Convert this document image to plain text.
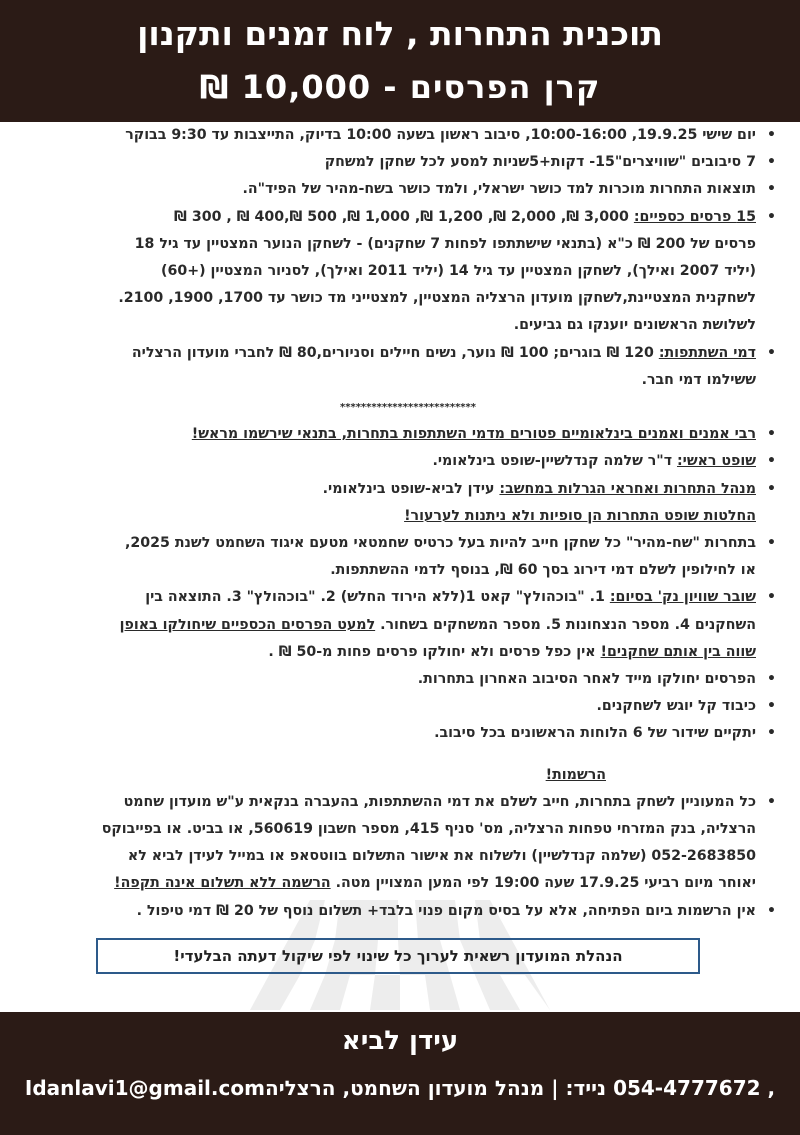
תוכנית התחרות , לוח זמנים ותקנון
קרן הפרסים - 10,000 ₪
•
יום שישי 19.9.25, 10:00-16:00, סיבוב ראשון בשעה 10:00 בדיוק, התייצבות עד 9:30 בבוקר
•
7 סיבובים "שוויצרים"15- דקות+5שניות למסע לכל שחקן למשחק
•
תוצאות התחרות מוכרות למד כושר ישראלי, ולמד כושר בשח-מהיר של הפיד"ה.
•
15 פרסים כספיים: 3,000 ₪, 2,000 ₪, 1,200 ₪, 1,000 ₪, 500 ₪,400 ₪ , 300 ₪
פרסים של 200 ₪ כ"א (בתנאי שישתתפו לפחות 7 שחקנים) - לשחקן הנוער המצטיין עד גיל 18
(יליד 2007 ואילך), לשחקן המצטיין עד גיל 14 (יליד 2011 ואילך), לסניור המצטיין (+60)
לשחקנית המצטיינת,לשחקן מועדון הרצליה המצטיין, למצטייני מד כושר עד 1700, 1900, 2100.
לשלושת הראשונים יוענקו גם גביעים.
•
דמי השתתפות: 120 ₪ בוגרים; 100 ₪ נוער, נשים חיילים וסניורים,80 ₪ לחברי מועדון הרצליה
ששילמו דמי חבר.
**************************
•
רבי אמנים ואמנים בינלאומיים פטורים מדמי השתתפות בתחרות, בתנאי שירשמו מראש!
•
שופט ראשי: ד"ר שלמה קנדלשיין-שופט בינלאומי.
•
מנהל התחרות ואחראי הגרלות במחשב: עידן לביא-שופט בינלאומי.
החלטות שופט התחרות הן סופיות ולא ניתנות לערעור!
•
בתחרות "שח-מהיר" כל שחקן חייב להיות בעל כרטיס שחמטאי מטעם איגוד השחמט לשנת 2025,
או לחילופין לשלם דמי דירוג בסך 60 ₪, בנוסף לדמי ההשתתפות.
•
שובר שוויון נק' בסיום: 1. "בוכהולץ" קאט 1(ללא הירוד החלש) 2. "בוכהולץ" 3. התוצאה בין
השחקנים 4. מספר הנצחונות 5. מספר המשחקים בשחור. למעט הפרסים הכספיים שיחולקו באופן
שווה בין אותם שחקנים! אין כפל פרסים ולא יחולקו פרסים פחות מ-50 ₪ .
•
הפרסים יחולקו מייד לאחר הסיבוב האחרון בתחרות.
•
כיבוד קל יוגש לשחקנים.
•
יתקיים שידור של 6 הלוחות הראשונים בכל סיבוב.
הרשמות!
•
כל המעוניין לשחק בתחרות, חייב לשלם את דמי ההשתתפות, בהעברה בנקאית ע"ש מועדון שחמט
הרצליה, בנק המזרחי טפחות הרצליה, מס' סניף 415, מספר חשבון 560619, או בביט. או בפייבוקס
052-2683850 (שלמה קנדלשיין) ולשלוח את אישור התשלום בווטסאפ או במייל לעידן לביא לא
יאוחר מיום רביעי 17.9.25 שעה 19:00 לפי המען המצויין מטה. הרשמה ללא תשלום אינה תקפה!
•
אין הרשמות ביום הפתיחה, אלא על בסיס מקום פנוי בלבד+ תשלום נוסף של 20 ₪ דמי טיפול .
הנהלת המועדון רשאית לערוך כל שינוי לפי שיקול דעתה הבלעדי!
עידן לביא
Idanlavi1@gmail.com	, 054-4777672 נייד: | מנהל מועדון השחמט, הרצליה
